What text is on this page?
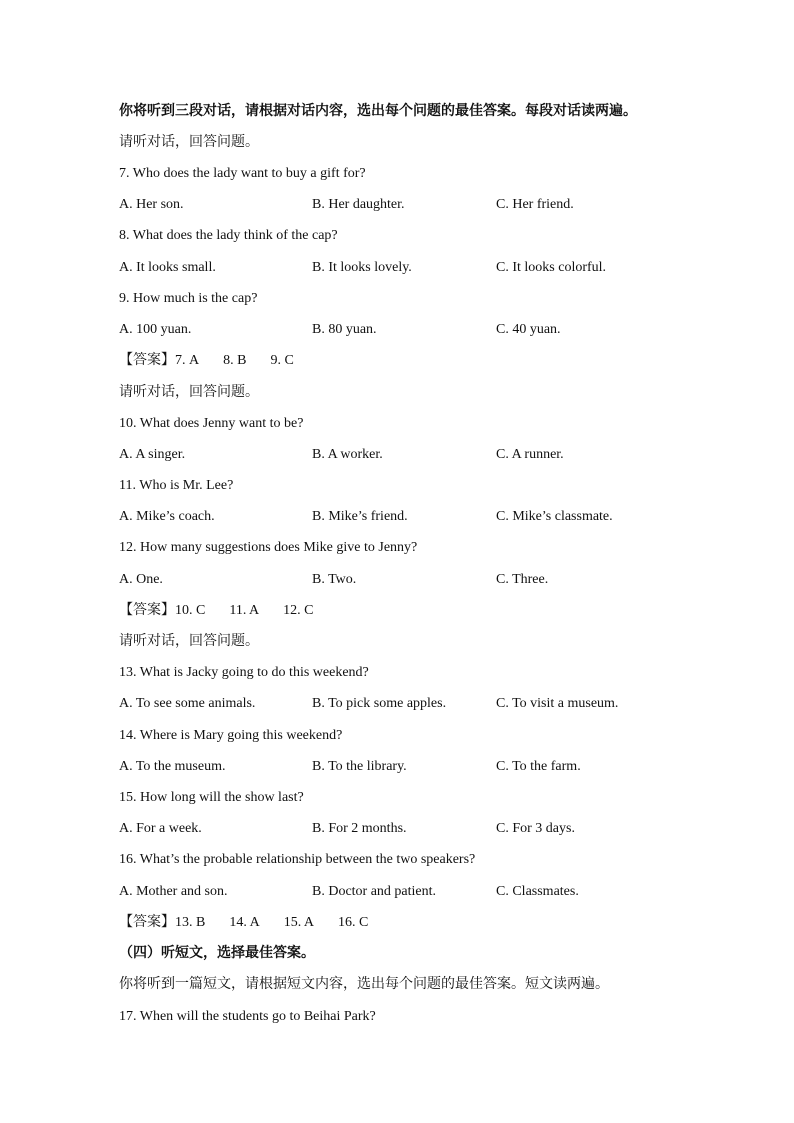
你将听到三段对话，请根据对话内容，选出每个问题的最佳答案。每段对话读两遍。
请听对话，回答问题。
7. Who does the lady want to buy a gift for?
A. Her son.	B. Her daughter.	C. Her friend.
8. What does the lady think of the cap?
A. It looks small.	B. It looks lovely.	C. It looks colorful.
9. How much is the cap?
A. 100 yuan.	B. 80 yuan.	C. 40 yuan.
【答案】7. A 8. B 9. C
请听对话，回答问题。
10. What does Jenny want to be?
A. A singer.	B. A worker.	C. A runner.
11. Who is Mr. Lee?
A. Mike’s coach.	B. Mike’s friend.	C. Mike’s classmate.
12. How many suggestions does Mike give to Jenny?
A. One.	B. Two.	C. Three.
【答案】10. C 11. A 12. C
请听对话，回答问题。
13. What is Jacky going to do this weekend?
A. To see some animals.	B. To pick some apples.	C. To visit a museum.
14. Where is Mary going this weekend?
A. To the museum.	B. To the library.	C. To the farm.
15. How long will the show last?
A. For a week.	B. For 2 months.	C. For 3 days.
16. What’s the probable relationship between the two speakers?
A. Mother and son.	B. Doctor and patient.	C. Classmates.
【答案】13. B 14. A 15. A 16. C
（四）听短文，选择最佳答案。
你将听到一篇短文，请根据短文内容，选出每个问题的最佳答案。短文读两遍。
17. When will the students go to Beihai Park?
